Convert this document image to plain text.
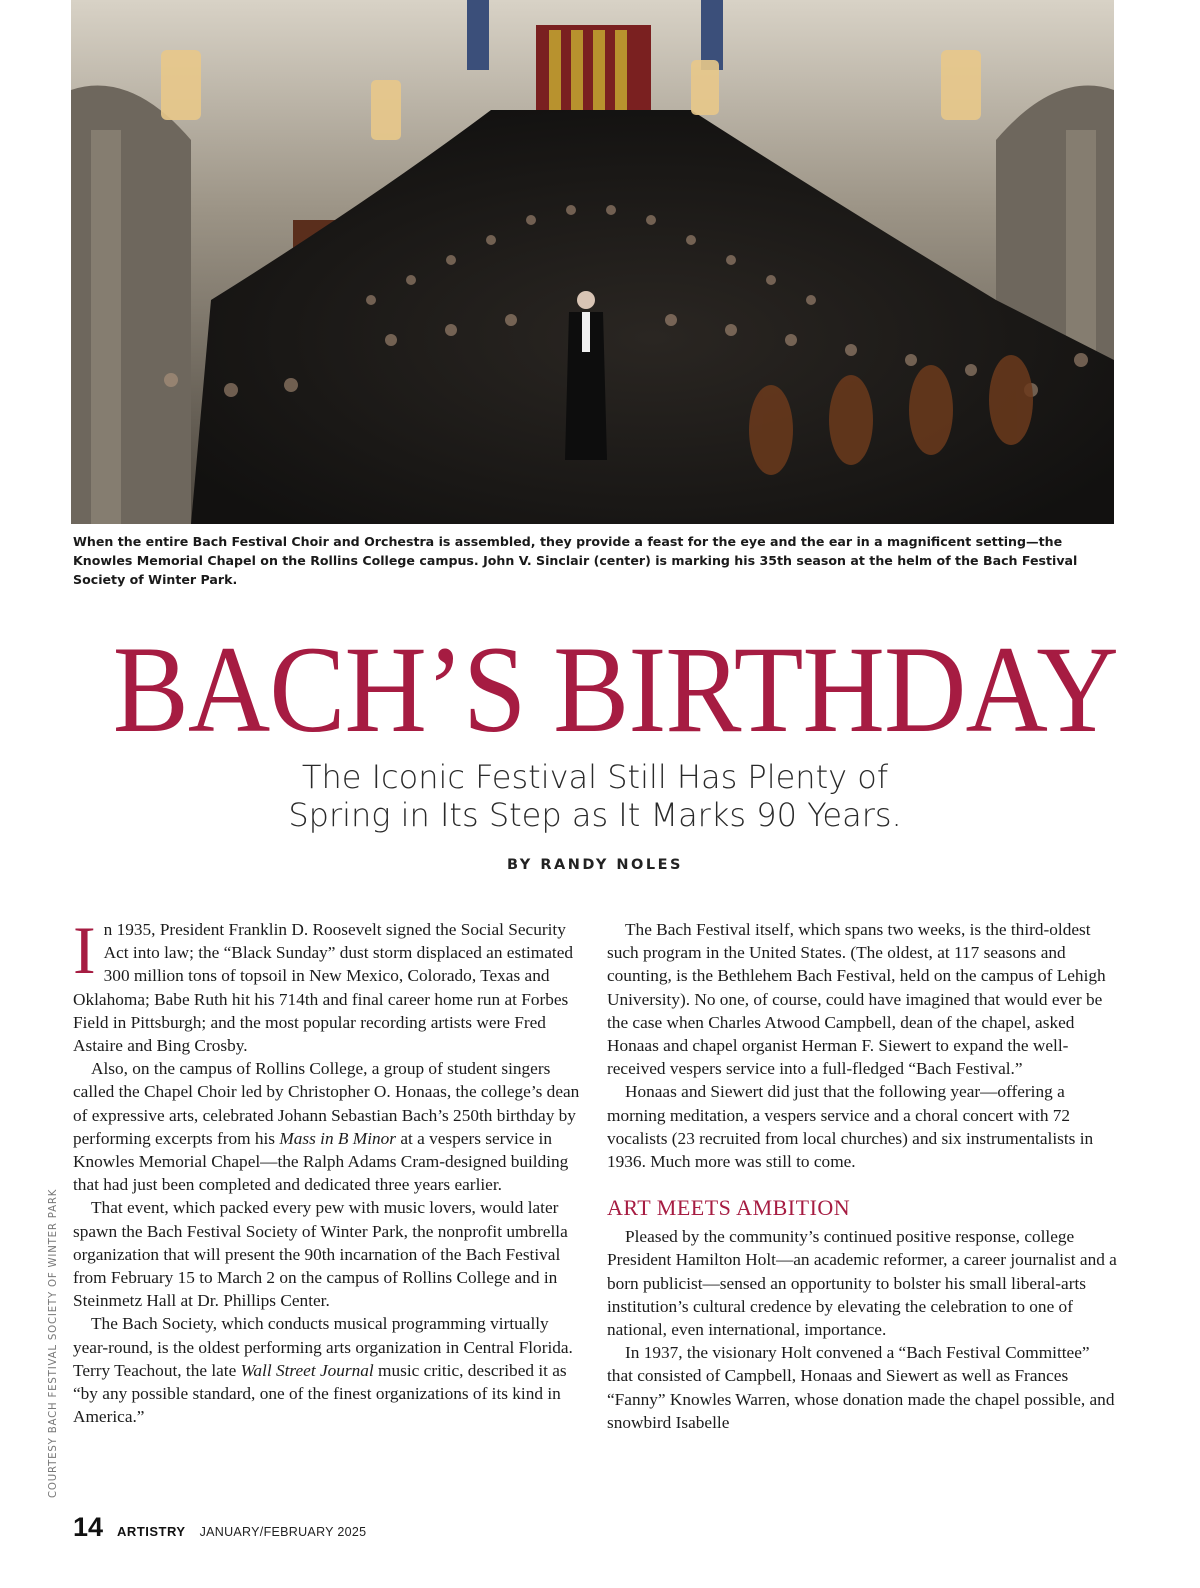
When the entire Bach Festival Choir and Orchestra is assembled, they provide a feast for the eye and the ear in a magnificent setting—the Knowles Memorial Chapel on the Rollins College campus. John V. Sinclair (center) is marking his 35th season at the helm of the Bach Festival Society of Winter Park.
BACH’S BIRTHDAY
The Iconic Festival Still Has Plenty of
Spring in Its Step as It Marks 90 Years.
BY RANDY NOLES
COURTESY BACH FESTIVAL SOCIETY OF WINTER PARK

In 1935, President Franklin D. Roosevelt signed the Social Security Act into law; the “Black Sunday” dust storm displaced an estimated 300 million tons of topsoil in New Mexico, Colorado, Texas and Oklahoma; Babe Ruth hit his 714th and final career home run at Forbes Field in Pittsburgh; and the most popular recording artists were Fred Astaire and Bing Crosby.

Also, on the campus of Rollins College, a group of student singers called the Chapel Choir led by Christopher O. Honaas, the college’s dean of expressive arts, celebrated Johann Sebastian Bach’s 250th birthday by performing excerpts from his Mass in B Minor at a vespers service in Knowles Memorial Chapel—the Ralph Adams Cram-designed building that had just been completed and dedicated three years earlier.

That event, which packed every pew with music lovers, would later spawn the Bach Festival Society of Winter Park, the nonprofit umbrella organization that will present the 90th incarnation of the Bach Festival from February 15 to March 2 on the campus of Rollins College and in Steinmetz Hall at Dr. Phillips Center.

The Bach Society, which conducts musical programming virtually year-round, is the oldest performing arts organization in Central Florida. Terry Teachout, the late Wall Street Journal music critic, described it as “by any possible standard, one of the finest organizations of its kind in America.”

The Bach Festival itself, which spans two weeks, is the third-oldest such program in the United States. (The oldest, at 117 seasons and counting, is the Bethlehem Bach Festival, held on the campus of Lehigh University). No one, of course, could have imagined that would ever be the case when Charles Atwood Campbell, dean of the chapel, asked Honaas and chapel organist Herman F. Siewert to expand the well-received vespers service into a full-fledged “Bach Festival.”

Honaas and Siewert did just that the following year—offering a morning meditation, a vespers service and a choral concert with 72 vocalists (23 recruited from local churches) and six instrumentalists in 1936. Much more was still to come.

ART MEETS AMBITION

Pleased by the community’s continued positive response, college President Hamilton Holt—an academic reformer, a career journalist and a born publicist—sensed an opportunity to bolster his small liberal-arts institution’s cultural credence by elevating the celebration to one of national, even international, importance.

In 1937, the visionary Holt convened a “Bach Festival Committee” that consisted of Campbell, Honaas and Siewert as well as Frances “Fanny” Knowles Warren, whose donation made the chapel possible, and snowbird Isabelle

14 ARTISTRY JANUARY/FEBRUARY 2025
